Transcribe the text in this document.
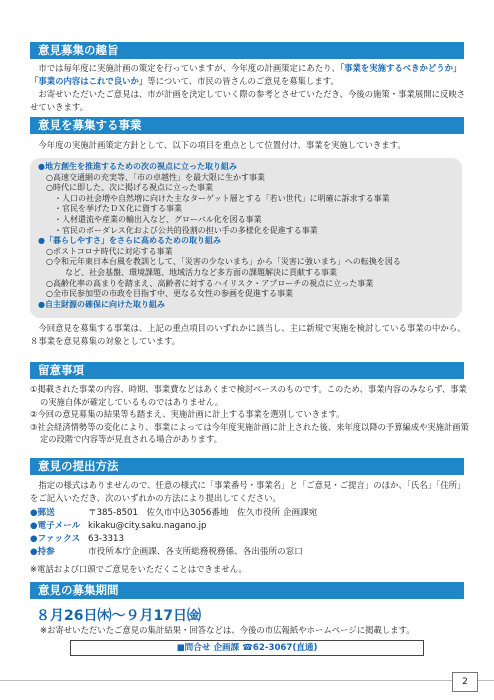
意見募集の趣旨
市では毎年度に実施計画の策定を行っていますが、今年度の計画策定にあたり、「事業を実施するべきかどうか」「事業の内容はこれで良いか」等について、市民の皆さんのご意見を募集します。
お寄せいただいたご意見は、市が計画を決定していく際の参考とさせていただき、今後の施策・事業展開に反映させていきます。
意見を募集する事業
今年度の実施計画策定方針として、以下の項目を重点として位置付け、事業を実施していきます。
●地方創生を推進するための次の視点に立った取り組み
○高速交通網の充実等、「市の卓越性」を最大限に生かす事業
○時代に即した、次に掲げる視点に立った事業
・人口の社会増や自然増に向けた主なターゲット層とする「若い世代」に明確に訴求する事業
・官民を挙げたＤＸ化に資する事業
・人材還流や産業の輸出入など、グローバル化を図る事業
・官民のボーダレス化および公共的役割の担い手の多様化を促進する事業
●「暮らしやすさ」をさらに高めるための取り組み
○ポストコロナ時代に対応する事業
○令和元年東日本台風を教訓として、「災害の少ないまち」から「災害に強いまち」への転換を図る
など、社会基盤、環境課題、地域活力など多方面の課題解決に貢献する事業
○高齢化率の高まりを踏まえ、高齢者に対するハイリスク・アプローチの視点に立った事業
○全市民参加型の市政を目指す中、更なる女性の参画を促進する事業
●自主財源の確保に向けた取り組み
今回意見を募集する事業は、上記の重点項目のいずれかに該当し、主に新規で実施を検討している事業の中から、８事業を意見募集の対象としています。
留意事項
①掲載された事業の内容、時期、事業費などはあくまで検討ベースのものです。このため、事業内容のみならず、事業の実施自体が確定しているものではありません。
②今回の意見募集の結果等も踏まえ、実施計画に計上する事業を選別していきます。
③社会経済情勢等の変化により、事業によっては今年度実施計画に計上された後、来年度以降の予算編成や実施計画策定の段階で内容等が見直される場合があります。
意見の提出方法
指定の様式はありませんので、任意の様式に「事業番号・事業名」と「ご意見・ご提言」のほか、「氏名」「住所」をご記入いただき、次のいずれかの方法により提出してください。
●郵送	〒385-8501　佐久市中込3056番地　佐久市役所 企画課宛
●電子メール kikaku@city.saku.nagano.jp
●ファックス 63-3313
●持参	市役所本庁企画課、各支所総務税務係、各出張所の窓口
※電話および口頭でご意見をいただくことはできません。
意見の募集期間
８月26日㈭～９月17日㈮
※お寄せいただいたご意見の集計結果・回答などは、今後の市広報紙やホームページに掲載します。
■問合せ 企画課 ☎62-3067(直通)
2
